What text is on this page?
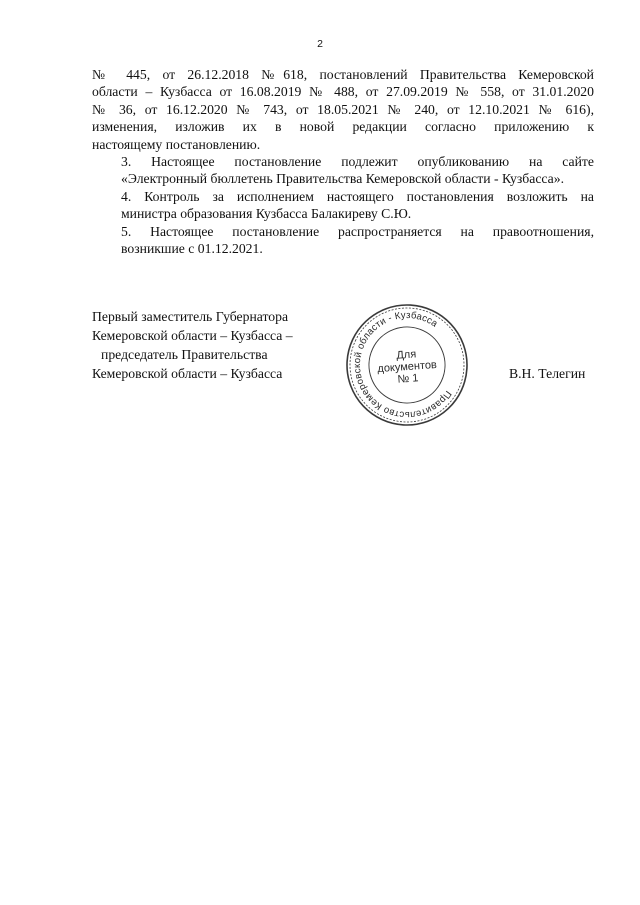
2

№ 445, от 26.12.2018 №618, постановлений Правительства Кемеровской
области – Кузбасса от 16.08.2019 № 488, от 27.09.2019 № 558, от 31.01.2020
№ 36, от 16.12.2020 № 743, от 18.05.2021 № 240, от 12.10.2021 № 616),
изменения, изложив их в новой редакции согласно приложению к
настоящему постановлению.

3. Настоящее постановление подлежит опубликованию на сайте
«Электронный бюллетень Правительства Кемеровской области - Кузбасса».

4. Контроль за исполнением настоящего постановления возложить на
министра образования Кузбасса Балакиреву С.Ю.

5. Настоящее постановление распространяется на правоотношения,
возникшие с 01.12.2021.

Первый заместитель Губернатора
Кемеровской области – Кузбасса –
председатель Правительства
Кемеровской области – Кузбасса	В.Н. Телегин
Правительство Кемеровской области - Кузбасса
Для
документов
№ 1
